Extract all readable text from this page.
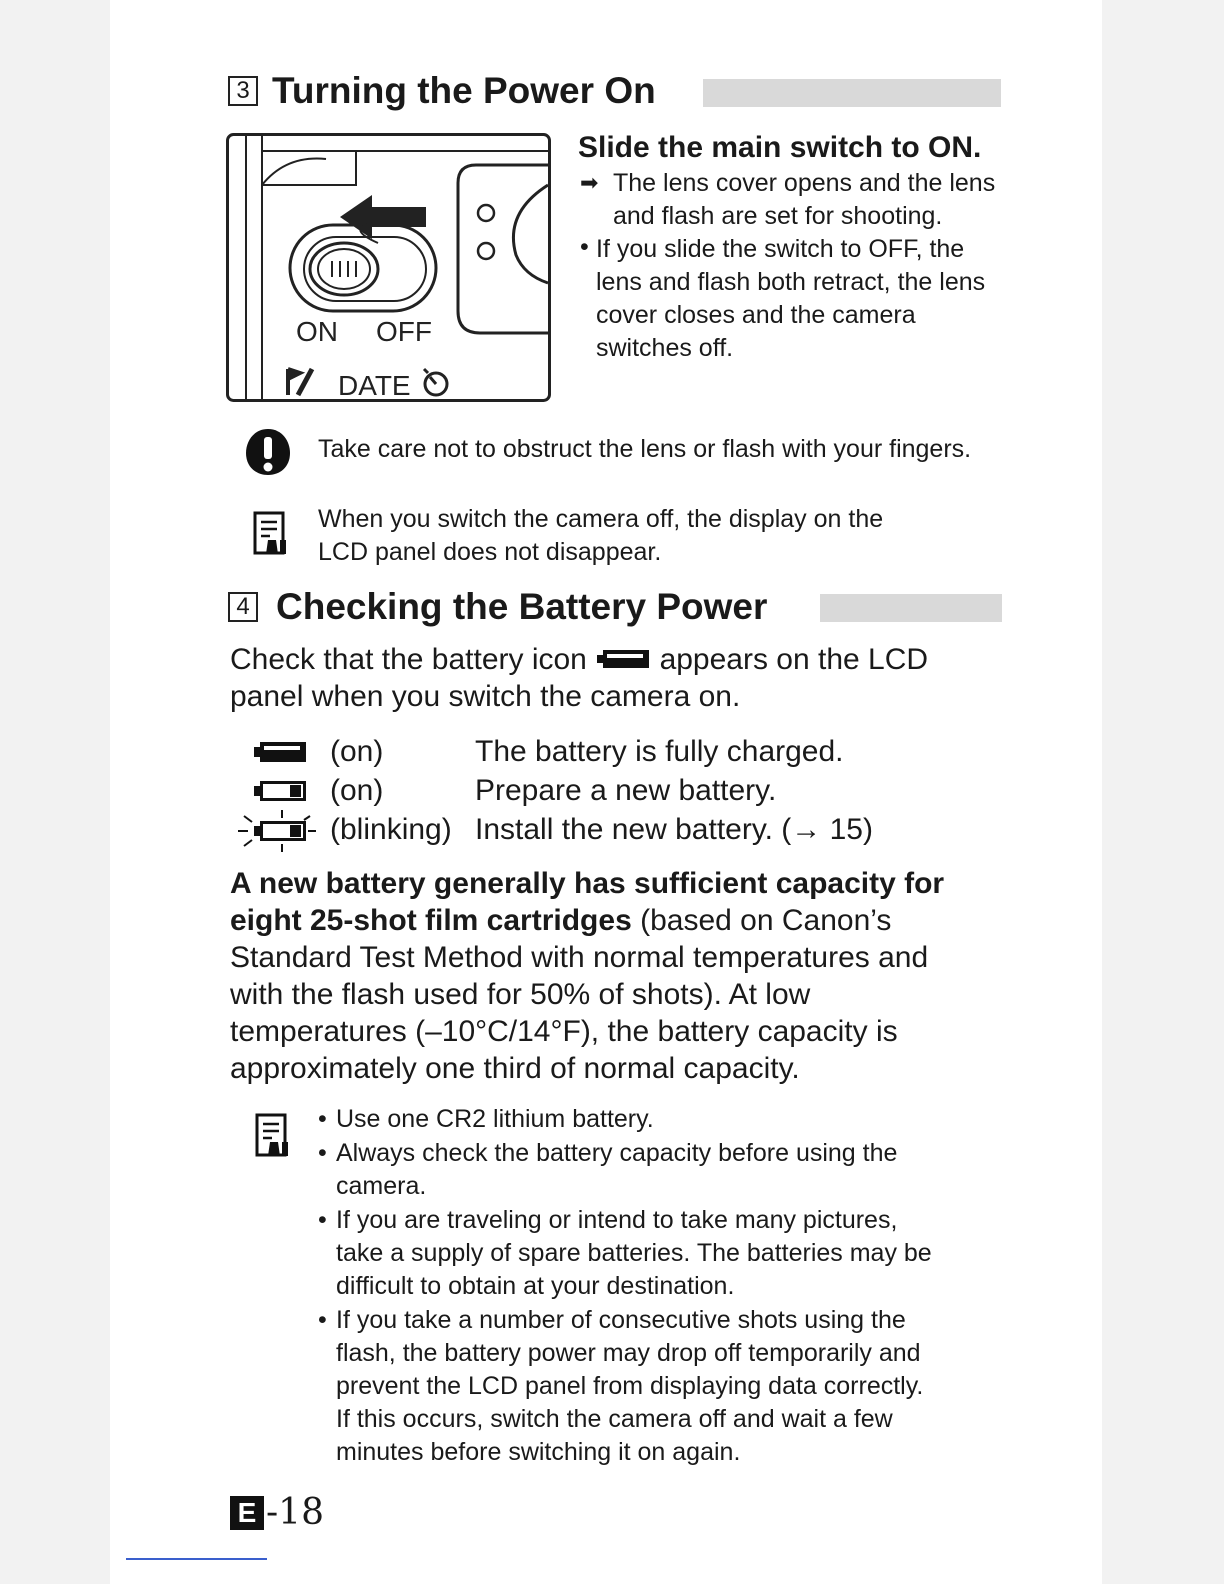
3 Turning the Power On
ON OFF
DATE
Slide the main switch to ON.
➡ The lens cover opens and the lens
and flash are set for shooting.
• If you slide the switch to OFF, the
lens and flash both retract, the lens
cover closes and the camera
switches off.
Take care not to obstruct the lens or flash with your fingers.
When you switch the camera off, the display on the
LCD panel does not disappear.
4 Checking the Battery Power
Check that the battery icon appears on the LCD
panel when you switch the camera on.
(on)	The battery is fully charged.
(on)	Prepare a new battery.
(blinking) Install the new battery. (→ 15)
A new battery generally has sufficient capacity for
eight 25-shot film cartridges (based on Canon’s
Standard Test Method with normal temperatures and
with the flash used for 50% of shots). At low
temperatures (–10°C/14°F), the battery capacity is
approximately one third of normal capacity.
• Use one CR2 lithium battery.
• Always check the battery capacity before using the
camera.
• If you are traveling or intend to take many pictures,
take a supply of spare batteries. The batteries may be
difficult to obtain at your destination.
• If you take a number of consecutive shots using the
flash, the battery power may drop off temporarily and
prevent the LCD panel from displaying data correctly.
If this occurs, switch the camera off and wait a few
minutes before switching it on again.
E -18
